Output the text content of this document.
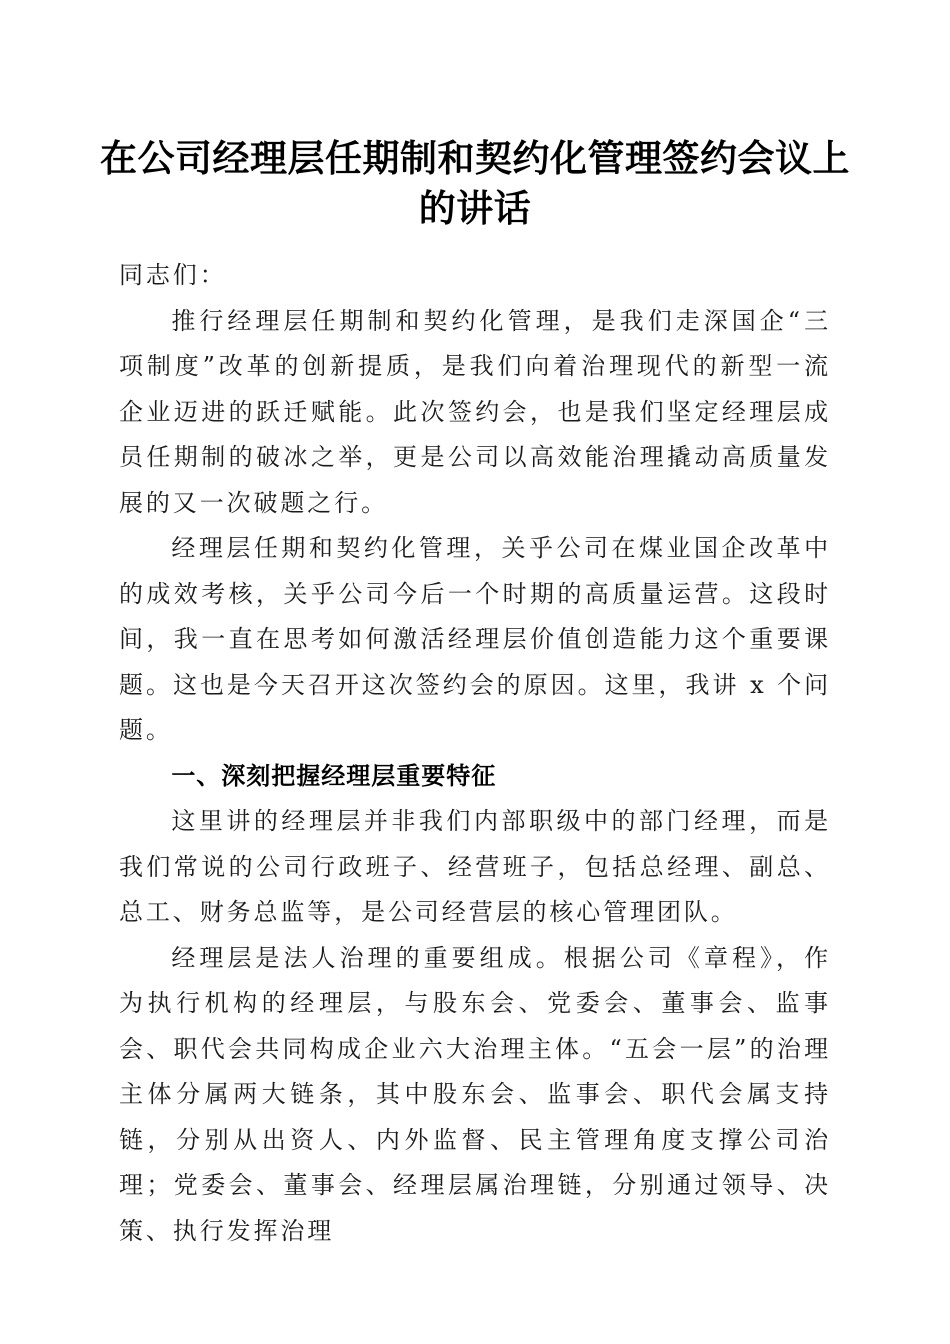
在公司经理层任期制和契约化管理签约会议上的讲话

同志们：

推行经理层任期制和契约化管理，是我们走深国企“三项制度”改革的创新提质，是我们向着治理现代的新型一流企业迈进的跃迁赋能。此次签约会，也是我们坚定经理层成员任期制的破冰之举，更是公司以高效能治理撬动高质量发展的又一次破题之行。

经理层任期和契约化管理，关乎公司在煤业国企改革中的成效考核，关乎公司今后一个时期的高质量运营。这段时间，我一直在思考如何激活经理层价值创造能力这个重要课题。这也是今天召开这次签约会的原因。这里，我讲 x 个问题。

一、深刻把握经理层重要特征

这里讲的经理层并非我们内部职级中的部门经理，而是我们常说的公司行政班子、经营班子，包括总经理、副总、总工、财务总监等，是公司经营层的核心管理团队。

经理层是法人治理的重要组成。根据公司《章程》，作为执行机构的经理层，与股东会、党委会、董事会、监事会、职代会共同构成企业六大治理主体。“五会一层”的治理主体分属两大链条，其中股东会、监事会、职代会属支持链，分别从出资人、内外监督、民主管理角度支撑公司治理；党委会、董事会、经理层属治理链，分别通过领导、决策、执行发挥治理
